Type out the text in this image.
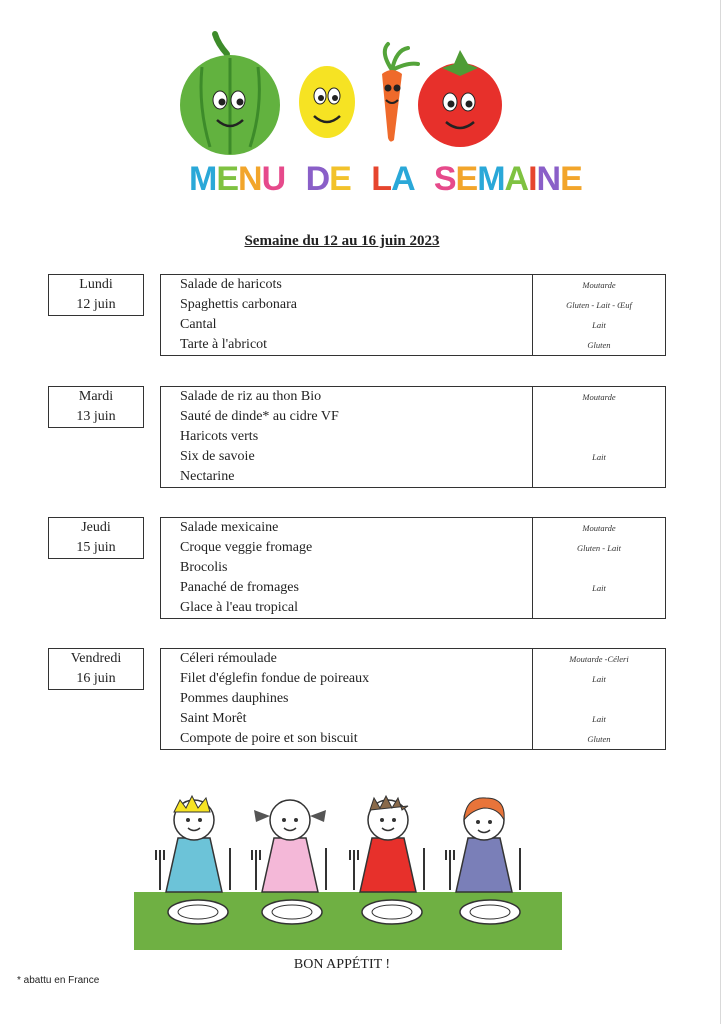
MENU DE LA SEMAINE
Semaine du 12 au 16 juin 2023
Lundi
12 juin
Salade de haricots
Spaghettis carbonara
Cantal
Tarte à l'abricot
Moutarde
Gluten - Lait - Œuf
Lait
Gluten
Mardi
13 juin
Salade de riz au thon Bio
Sauté de dinde* au cidre VF
Haricots verts
Six de savoie
Nectarine
Moutarde
Lait
Jeudi
15 juin
Salade mexicaine
Croque veggie fromage
Brocolis
Panaché de fromages
Glace à l'eau tropical
Moutarde
Gluten - Lait
Lait
Vendredi
16 juin
Céleri rémoulade
Filet d'églefin fondue de poireaux
Pommes dauphines
Saint Morêt
Compote de poire et son biscuit
Moutarde -Céleri
Lait
Lait
Gluten
BON APPÉTIT !
* abattu en France
